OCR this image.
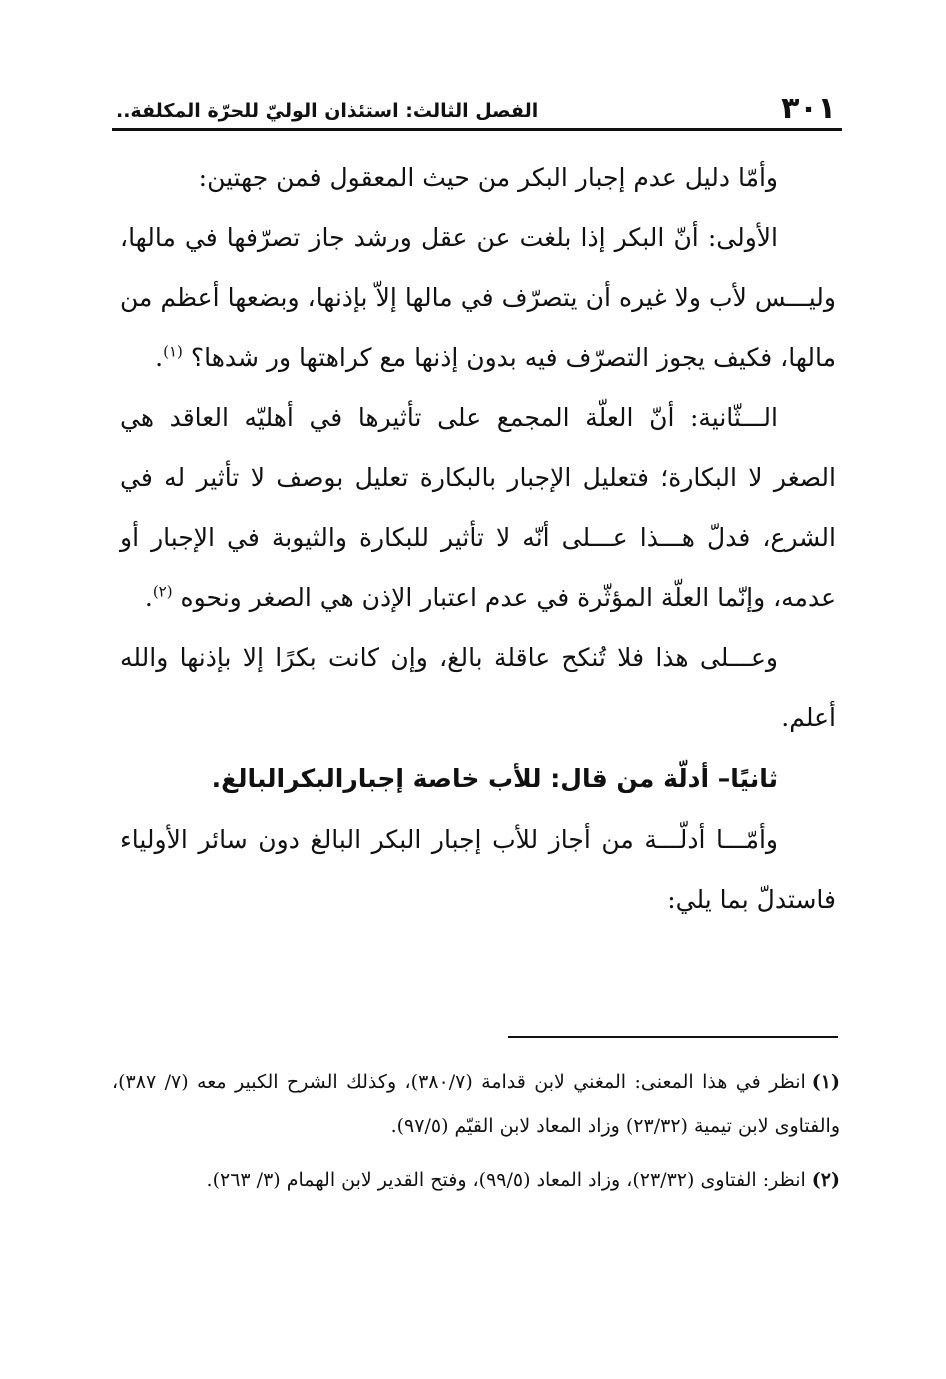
٣٠١
الفصل الثالث: استئذان الوليّ للحرّة المكلفة..

وأمّا دليل عدم إجبار البكر من حيث المعقول فمن جهتين:

الأولى: أنّ البكر إذا بلغت عن عقل ورشد جاز تصرّفها في مالها، وليـــس لأب ولا غيره أن يتصرّف في مالها إلاّ بإذنها، وبضعها أعظم من مالها، فكيف يجوز التصرّف فيه بدون إذنها مع كراهتها ور شدها؟ $^{(١)}$.

الـــثّانية: أنّ العلّة المجمع على تأثيرها في أهليّه العاقد هي الصغر لا البكارة؛ فتعليل الإجبار بالبكارة تعليل بوصف لا تأثير له في الشرع، فدلّ هـــذا عـــلى أنّه لا تأثير للبكارة والثيوبة في الإجبار أو عدمه، وإنّما العلّة المؤثّرة في عدم اعتبار الإذن هي الصغر ونحوه $^{(٢)}$.

وعـــلى هذا فلا تُنكح عاقلة بالغ، وإن كانت بكرًا إلا بإذنها والله أعلم.

ثانيًا– أدلّة من قال: للأب خاصة إجبارالبكرالبالغ.

وأمّـــا أدلّـــة من أجاز للأب إجبار البكر البالغ دون سائر الأولياء فاستدلّ بما يلي:

(١)انظر في هذا المعنى: المغني لابن قدامة (٣٨٠/٧)، وكذلك الشرح الكبير معه (٧/ ٣٨٧)، والفتاوى لابن تيمية (٢٣/٣٢) وزاد المعاد لابن القيّم (٩٧/٥).

(٢)انظر: الفتاوى (٢٣/٣٢)، وزاد المعاد (٩٩/٥)، وفتح القدير لابن الهمام (٣/ ٢٦٣).
